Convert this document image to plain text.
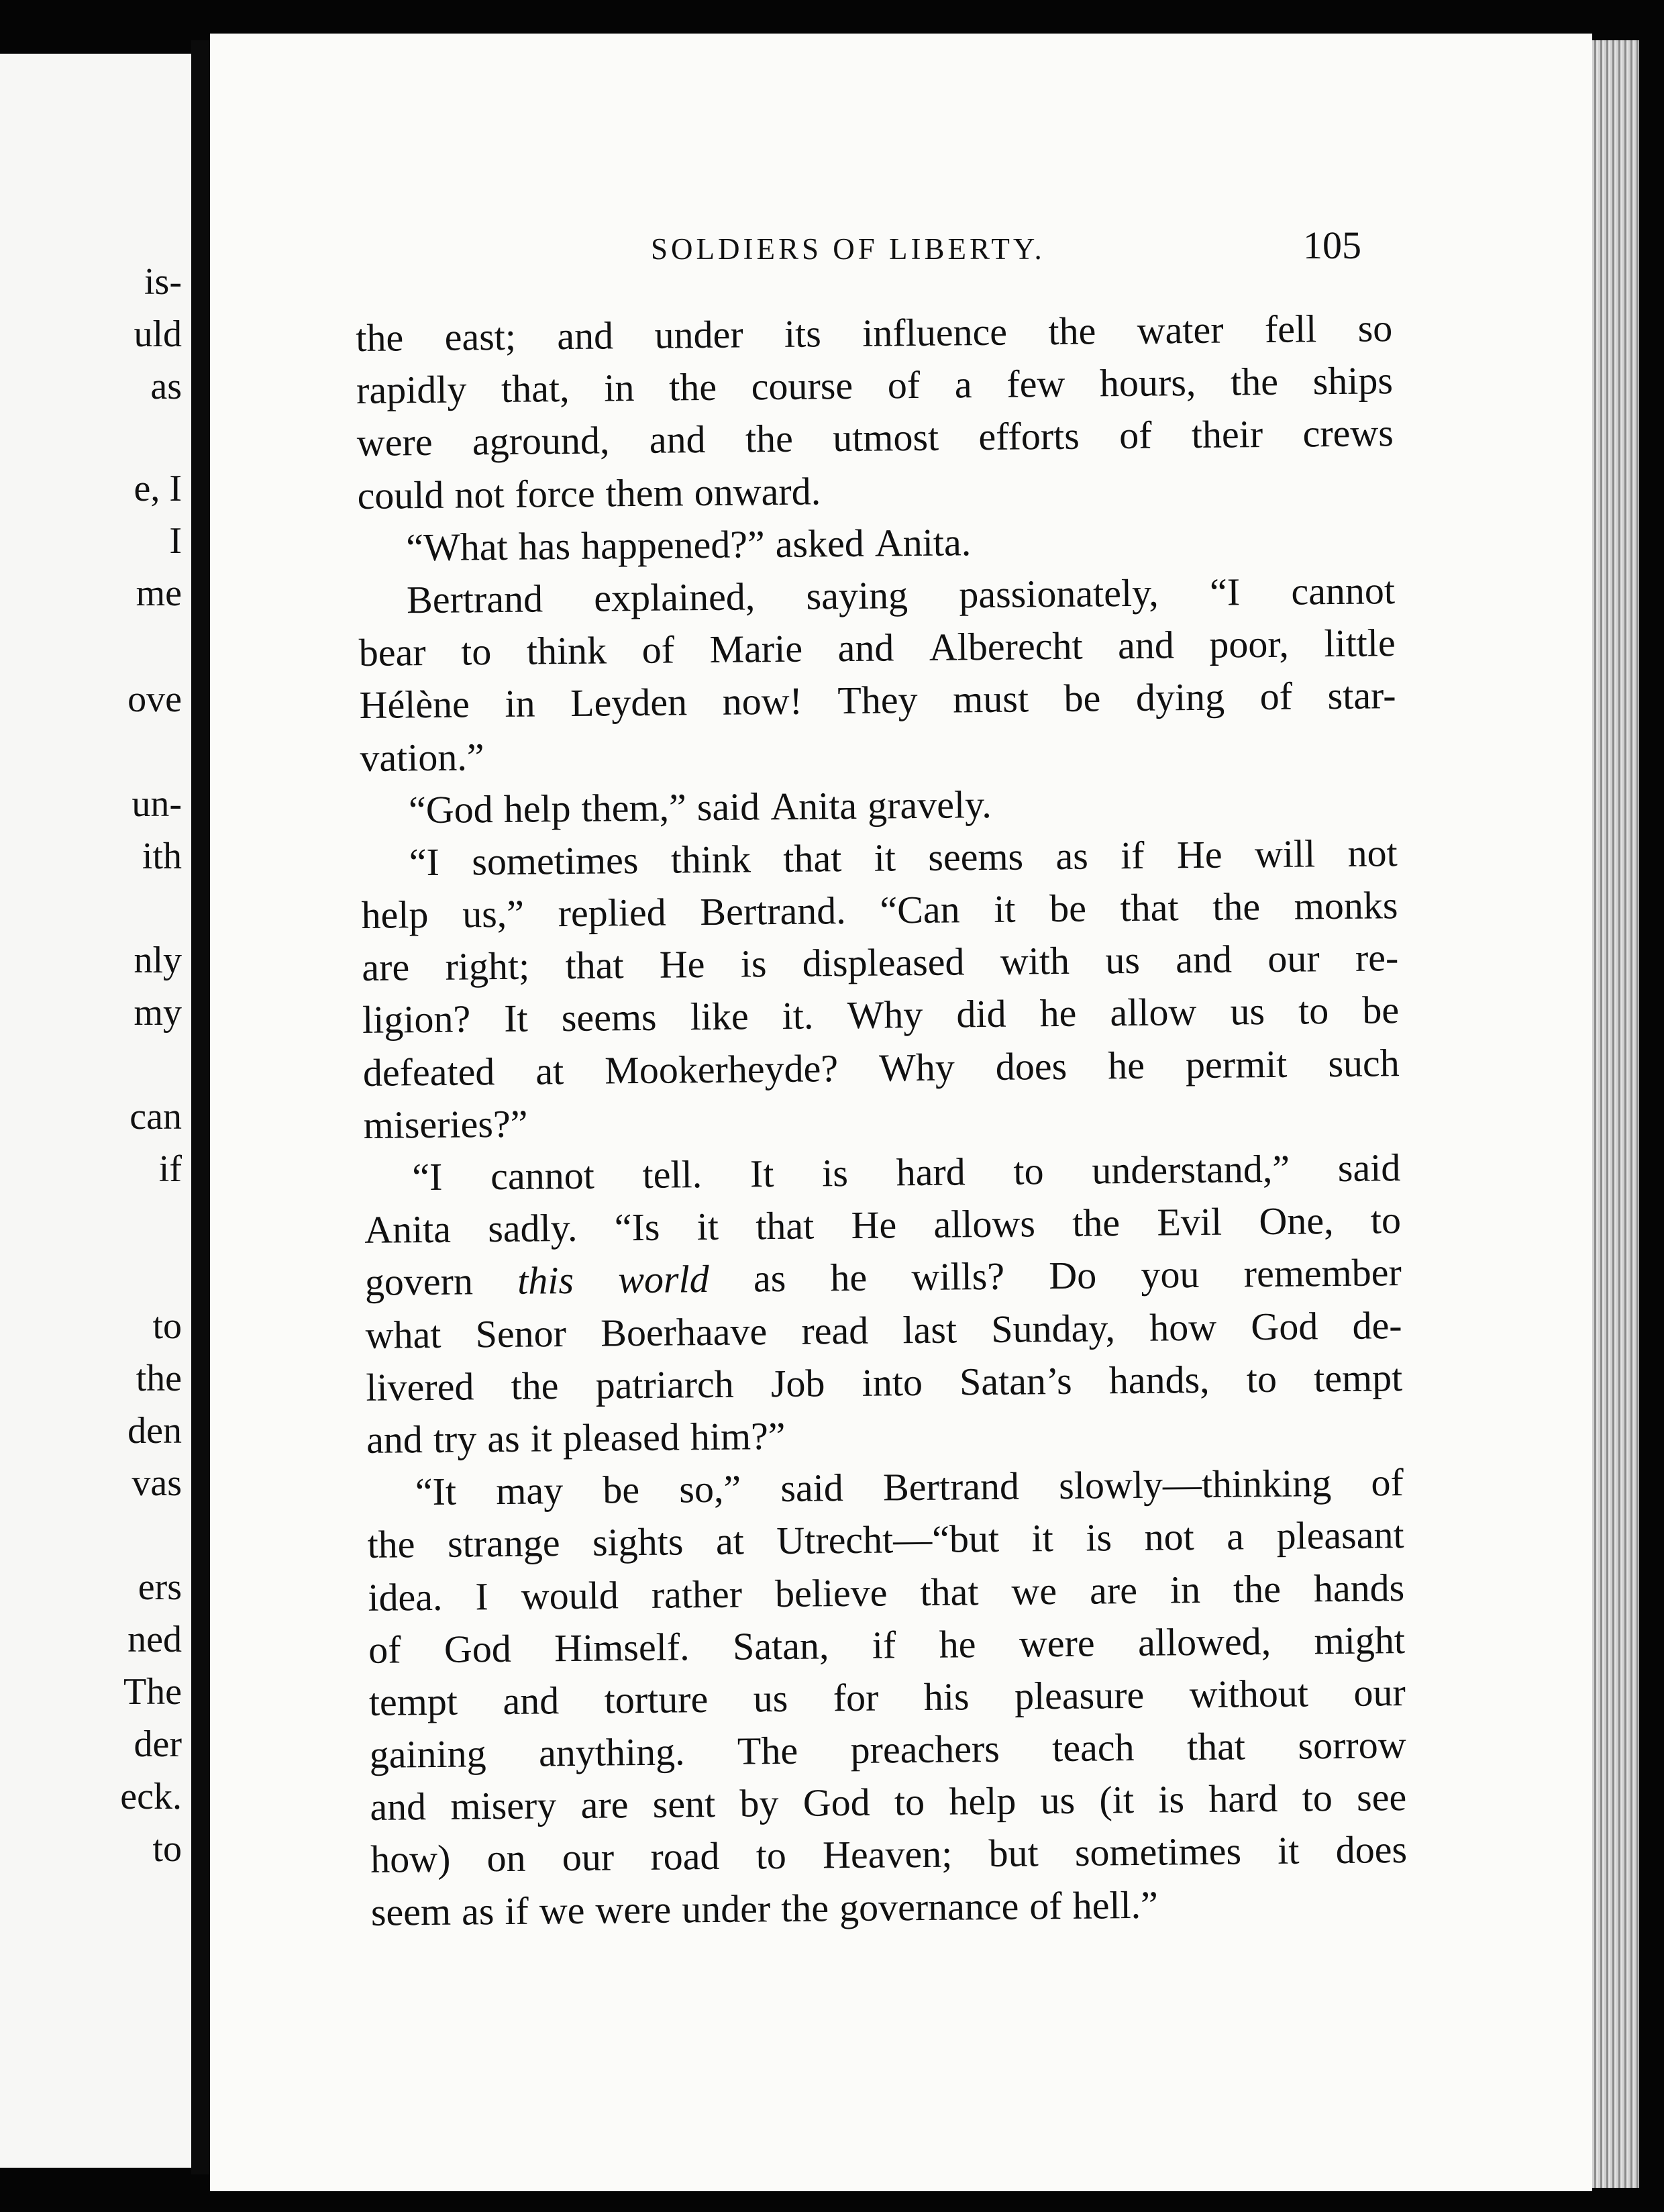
is-

uld

as

e, I

I

me

ove

un-

ith

nly

my

can

if

to

the

den

vas

ers

ned

The

der

eck.

to

SOLDIERS OF LIBERTY.	105

the east; and under its influence the water fell so
rapidly that, in the course of a few hours, the ships
were aground, and the utmost efforts of their crews
could not force them onward.
“What has happened?” asked Anita.
Bertrand explained, saying passionately, “I cannot
bear to think of Marie and Alberecht and poor, little
Hélène in Leyden now! They must be dying of star-
vation.”
“God help them,” said Anita gravely.
“I sometimes think that it seems as if He will not
help us,” replied Bertrand. “Can it be that the monks
are right; that He is displeased with us and our re-
ligion? It seems like it. Why did he allow us to be
defeated at Mookerheyde? Why does he permit such
miseries?”
“I cannot tell. It is hard to understand,” said
Anita sadly. “Is it that He allows the Evil One, to
govern this world as he wills? Do you remember
what Senor Boerhaave read last Sunday, how God de-
livered the patriarch Job into Satan’s hands, to tempt
and try as it pleased him?”
“It may be so,” said Bertrand slowly—thinking of
the strange sights at Utrecht—“but it is not a pleasant
idea. I would rather believe that we are in the hands
of God Himself. Satan, if he were allowed, might
tempt and torture us for his pleasure without our
gaining anything. The preachers teach that sorrow
and misery are sent by God to help us (it is hard to see
how) on our road to Heaven; but sometimes it does
seem as if we were under the governance of hell.”
